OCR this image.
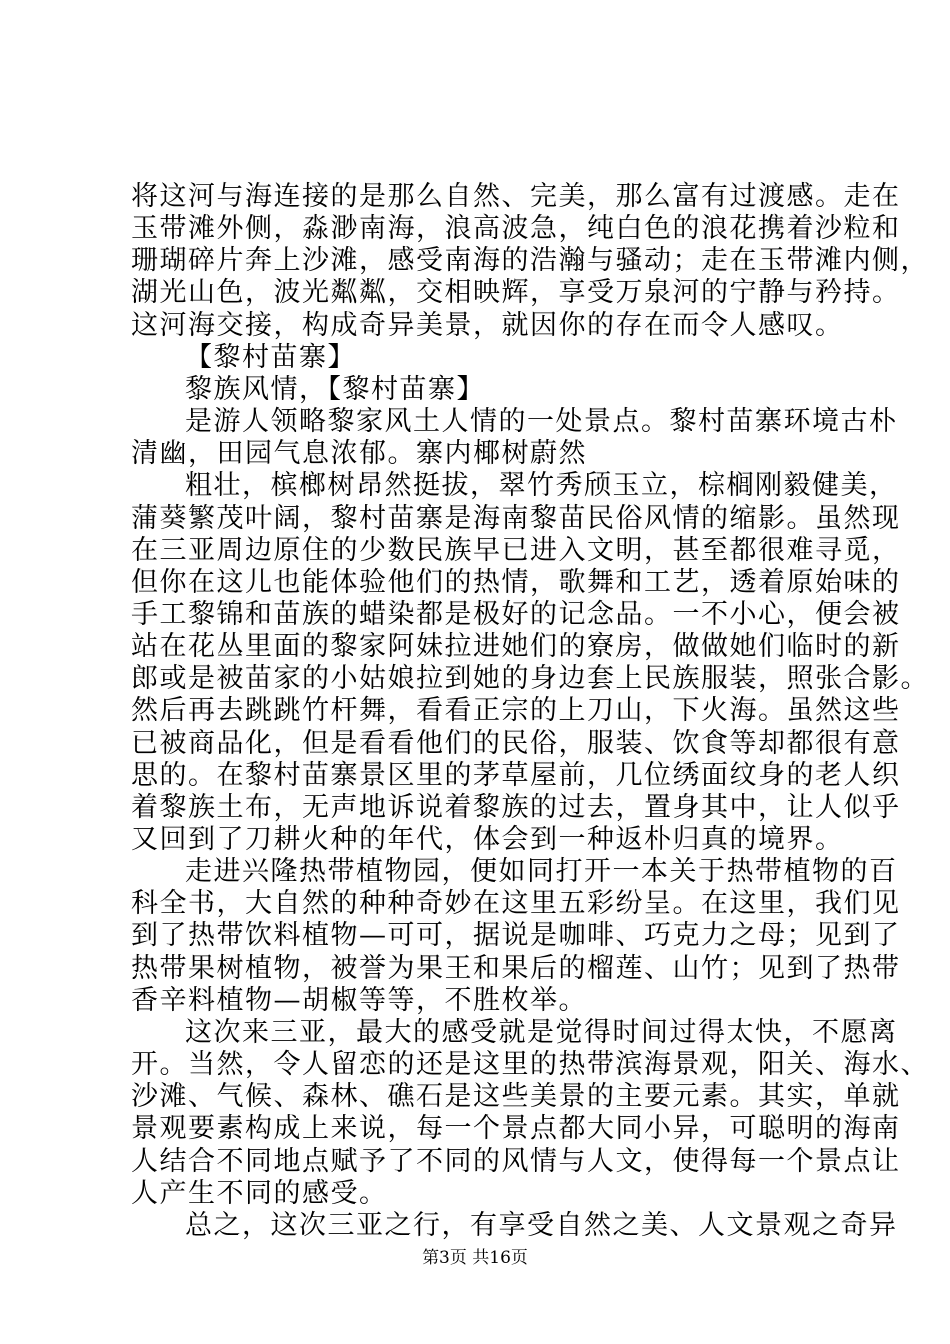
将这河与海连接的是那么自然、完美，那么富有过渡感。走在
玉带滩外侧，淼渺南海，浪高波急，纯白色的浪花携着沙粒和
珊瑚碎片奔上沙滩，感受南海的浩瀚与骚动；走在玉带滩内侧，
湖光山色，波光粼粼，交相映辉，享受万泉河的宁静与矜持。
这河海交接，构成奇异美景，就因你的存在而令人感叹。
【黎村苗寨】
黎族风情，【黎村苗寨】
是游人领略黎家风土人情的一处景点。黎村苗寨环境古朴
清幽，田园气息浓郁。寨内椰树蔚然
粗壮，槟榔树昂然挺拔，翠竹秀颀玉立，棕榈刚毅健美，
蒲葵繁茂叶阔，黎村苗寨是海南黎苗民俗风情的缩影。虽然现
在三亚周边原住的少数民族早已进入文明，甚至都很难寻觅，
但你在这儿也能体验他们的热情，歌舞和工艺，透着原始味的
手工黎锦和苗族的蜡染都是极好的记念品。一不小心，便会被
站在花丛里面的黎家阿妹拉进她们的寮房，做做她们临时的新
郎或是被苗家的小姑娘拉到她的身边套上民族服装，照张合影。
然后再去跳跳竹杆舞，看看正宗的上刀山，下火海。虽然这些
已被商品化，但是看看他们的民俗，服装、饮食等却都很有意
思的。在黎村苗寨景区里的茅草屋前，几位绣面纹身的老人织
着黎族土布，无声地诉说着黎族的过去，置身其中，让人似乎
又回到了刀耕火种的年代，体会到一种返朴归真的境界。
走进兴隆热带植物园，便如同打开一本关于热带植物的百
科全书，大自然的种种奇妙在这里五彩纷呈。在这里，我们见
到了热带饮料植物—可可，据说是咖啡、巧克力之母；见到了
热带果树植物，被誉为果王和果后的榴莲、山竹；见到了热带
香辛料植物—胡椒等等，不胜枚举。
这次来三亚，最大的感受就是觉得时间过得太快，不愿离
开。当然，令人留恋的还是这里的热带滨海景观，阳关、海水、
沙滩、气候、森林、礁石是这些美景的主要元素。其实，单就
景观要素构成上来说，每一个景点都大同小异，可聪明的海南
人结合不同地点赋予了不同的风情与人文，使得每一个景点让
人产生不同的感受。
总之，这次三亚之行，有享受自然之美、人文景观之奇异
第3页 共16页
